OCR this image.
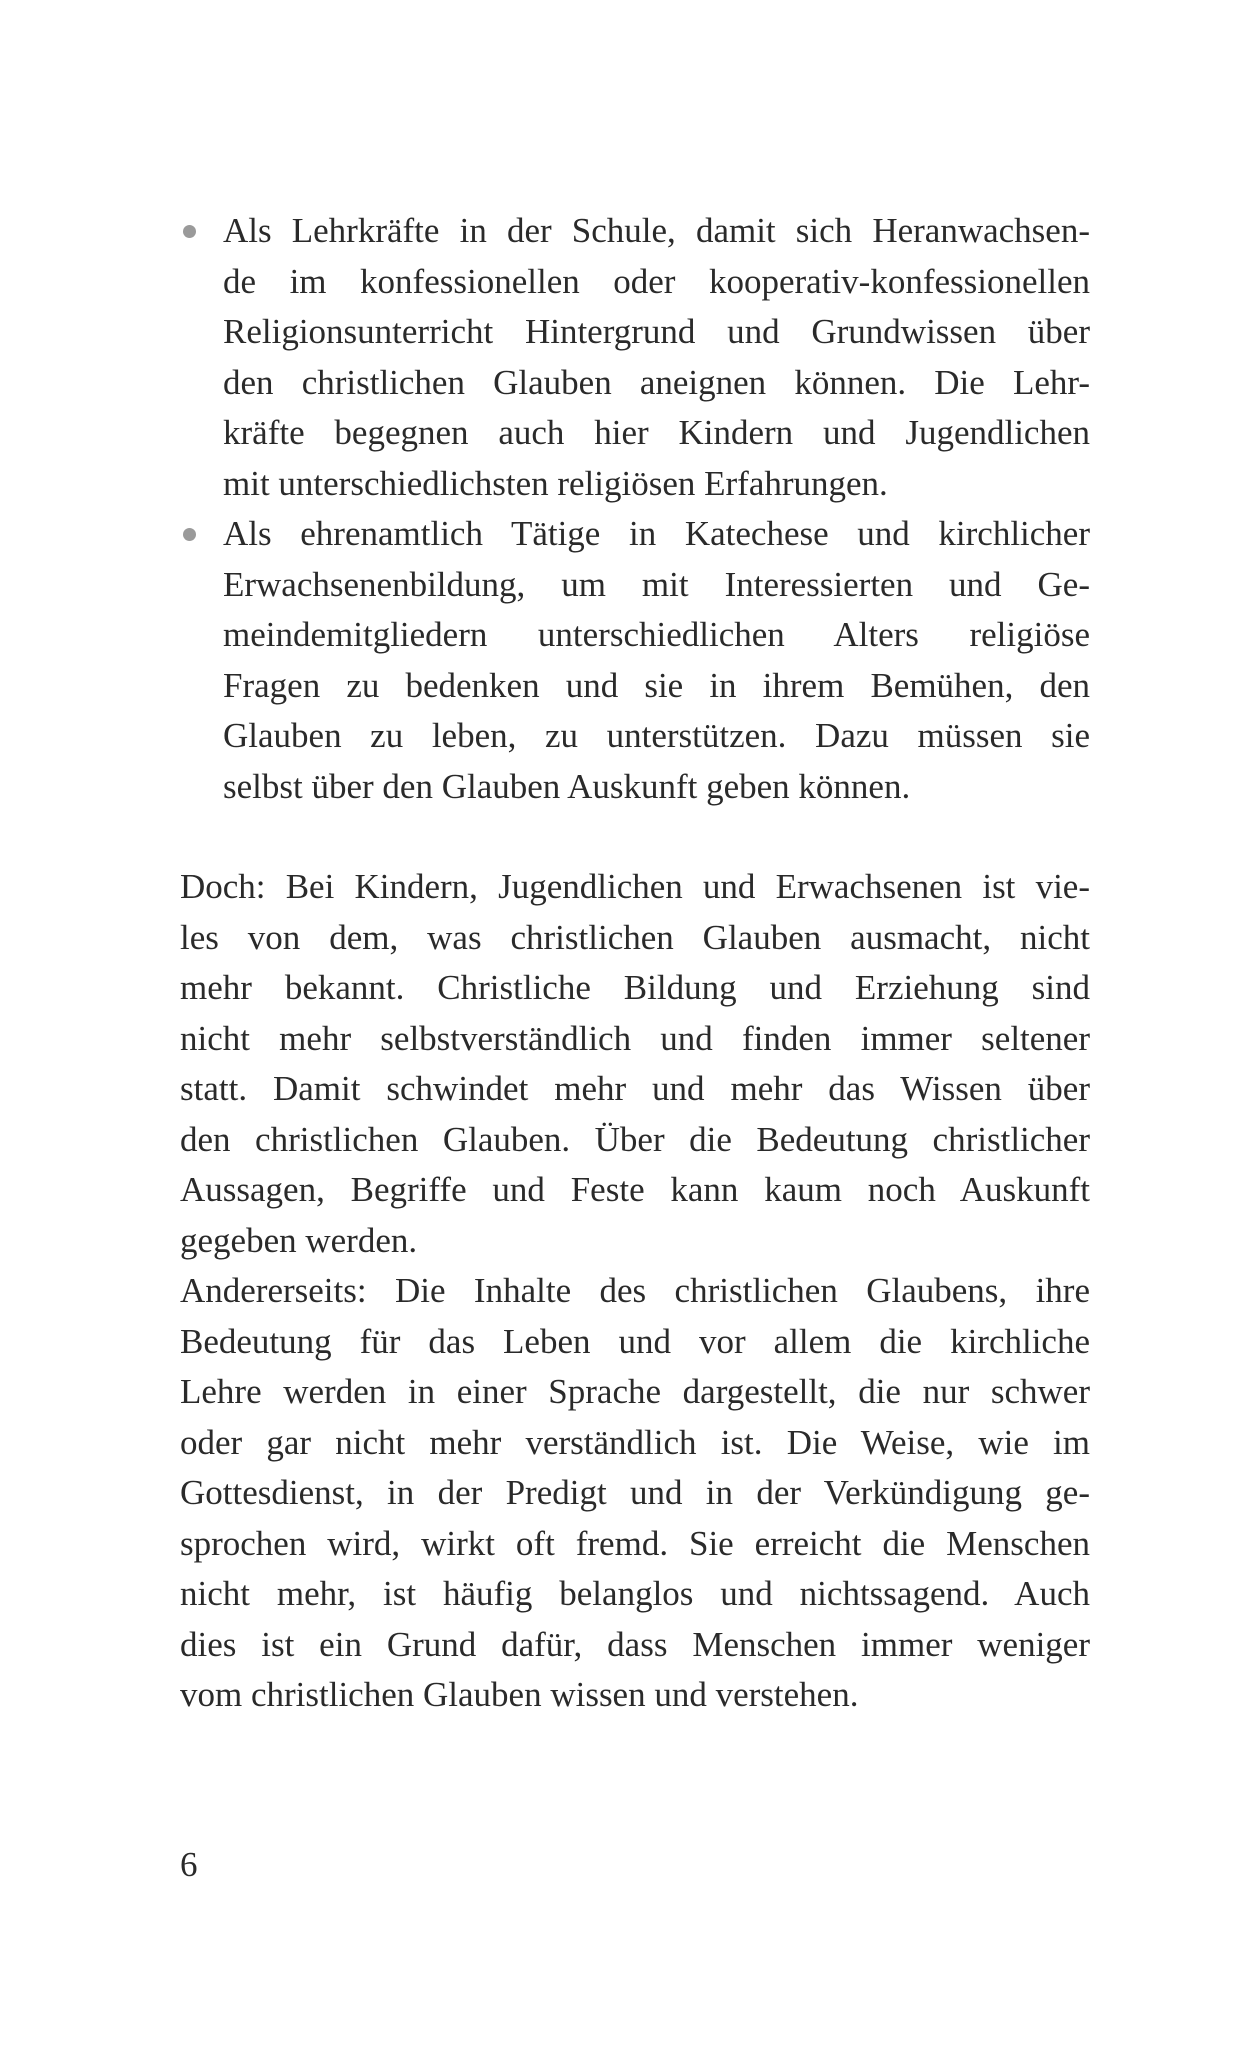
Als Lehrkräfte in der Schule, damit sich Heranwachsen-
de im konfessionellen oder kooperativ-konfessionellen
Religionsunterricht Hintergrund und Grundwissen über
den christlichen Glauben aneignen können. Die Lehr-
kräfte begegnen auch hier Kindern und Jugendlichen
mit unterschiedlichsten religiösen Erfahrungen.
Als ehrenamtlich Tätige in Katechese und kirchlicher
Erwachsenenbildung, um mit Interessierten und Ge-
meindemitgliedern unterschiedlichen Alters religiöse
Fragen zu bedenken und sie in ihrem Bemühen, den
Glauben zu leben, zu unterstützen. Dazu müssen sie
selbst über den Glauben Auskunft geben können.
Doch: Bei Kindern, Jugendlichen und Erwachsenen ist vie-
les von dem, was christlichen Glauben ausmacht, nicht
mehr bekannt. Christliche Bildung und Erziehung sind
nicht mehr selbstverständlich und finden immer seltener
statt. Damit schwindet mehr und mehr das Wissen über
den christlichen Glauben. Über die Bedeutung christlicher
Aussagen, Begriffe und Feste kann kaum noch Auskunft
gegeben werden.
Andererseits: Die Inhalte des christlichen Glaubens, ihre
Bedeutung für das Leben und vor allem die kirchliche
Lehre werden in einer Sprache dargestellt, die nur schwer
oder gar nicht mehr verständlich ist. Die Weise, wie im
Gottesdienst, in der Predigt und in der Verkündigung ge-
sprochen wird, wirkt oft fremd. Sie erreicht die Menschen
nicht mehr, ist häufig belanglos und nichtssagend. Auch
dies ist ein Grund dafür, dass Menschen immer weniger
vom christlichen Glauben wissen und verstehen.
6
